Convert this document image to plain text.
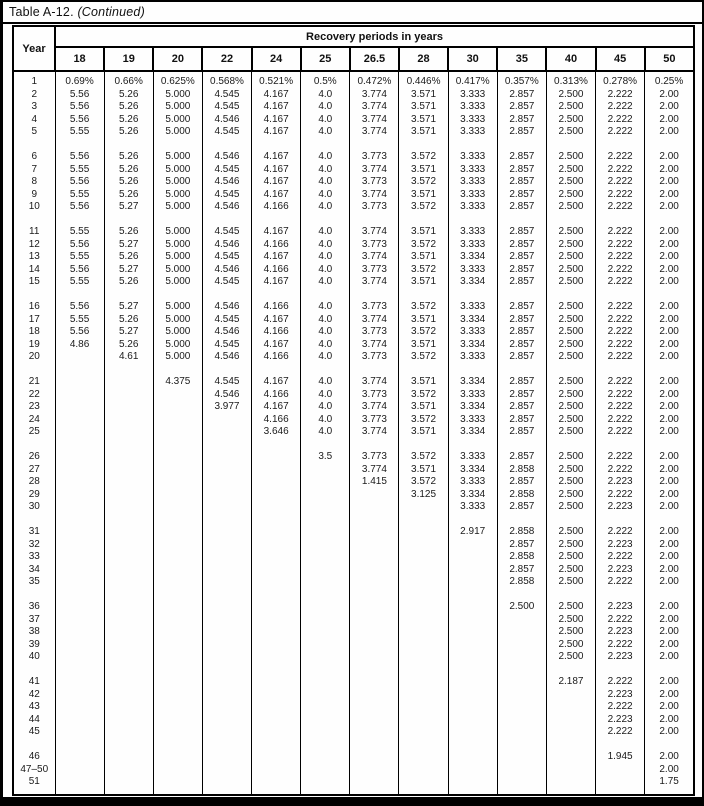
Table A-12. (Continued)
Year	Recovery periods in years												
	18	19	20	22	24	25	26.5	28	30	35	40	45	50
1	0.69%	0.66%	0.625%	0.568%	0.521%	0.5%	0.472%	0.446%	0.417%	0.357%	0.313%	0.278%	0.25%
2	5.56	5.26	5.000	4.545	4.167	4.0	3.774	3.571	3.333	2.857	2.500	2.222	2.00
3	5.56	5.26	5.000	4.545	4.167	4.0	3.774	3.571	3.333	2.857	2.500	2.222	2.00
4	5.56	5.26	5.000	4.546	4.167	4.0	3.774	3.571	3.333	2.857	2.500	2.222	2.00
5	5.55	5.26	5.000	4.545	4.167	4.0	3.774	3.571	3.333	2.857	2.500	2.222	2.00
6	5.56	5.26	5.000	4.546	4.167	4.0	3.773	3.572	3.333	2.857	2.500	2.222	2.00
7	5.55	5.26	5.000	4.545	4.167	4.0	3.774	3.571	3.333	2.857	2.500	2.222	2.00
8	5.56	5.26	5.000	4.546	4.167	4.0	3.773	3.572	3.333	2.857	2.500	2.222	2.00
9	5.55	5.26	5.000	4.545	4.167	4.0	3.774	3.571	3.333	2.857	2.500	2.222	2.00
10	5.56	5.27	5.000	4.546	4.166	4.0	3.773	3.572	3.333	2.857	2.500	2.222	2.00
11	5.55	5.26	5.000	4.545	4.167	4.0	3.774	3.571	3.333	2.857	2.500	2.222	2.00
12	5.56	5.27	5.000	4.546	4.166	4.0	3.773	3.572	3.333	2.857	2.500	2.222	2.00
13	5.55	5.26	5.000	4.545	4.167	4.0	3.774	3.571	3.334	2.857	2.500	2.222	2.00
14	5.56	5.27	5.000	4.546	4.166	4.0	3.773	3.572	3.333	2.857	2.500	2.222	2.00
15	5.55	5.26	5.000	4.545	4.167	4.0	3.774	3.571	3.334	2.857	2.500	2.222	2.00
16	5.56	5.27	5.000	4.546	4.166	4.0	3.773	3.572	3.333	2.857	2.500	2.222	2.00
17	5.55	5.26	5.000	4.545	4.167	4.0	3.774	3.571	3.334	2.857	2.500	2.222	2.00
18	5.56	5.27	5.000	4.546	4.166	4.0	3.773	3.572	3.333	2.857	2.500	2.222	2.00
19	4.86	5.26	5.000	4.545	4.167	4.0	3.774	3.571	3.334	2.857	2.500	2.222	2.00
20		4.61	5.000	4.546	4.166	4.0	3.773	3.572	3.333	2.857	2.500	2.222	2.00
21			4.375	4.545	4.167	4.0	3.774	3.571	3.334	2.857	2.500	2.222	2.00
22				4.546	4.166	4.0	3.773	3.572	3.333	2.857	2.500	2.222	2.00
23				3.977	4.167	4.0	3.774	3.571	3.334	2.857	2.500	2.222	2.00
24					4.166	4.0	3.773	3.572	3.333	2.857	2.500	2.222	2.00
25					3.646	4.0	3.774	3.571	3.334	2.857	2.500	2.222	2.00
26						3.5	3.773	3.572	3.333	2.857	2.500	2.222	2.00
27							3.774	3.571	3.334	2.858	2.500	2.222	2.00
28							1.415	3.572	3.333	2.857	2.500	2.223	2.00
29								3.125	3.334	2.858	2.500	2.222	2.00
30									3.333	2.857	2.500	2.223	2.00
31									2.917	2.858	2.500	2.222	2.00
32										2.857	2.500	2.223	2.00
33										2.858	2.500	2.222	2.00
34										2.857	2.500	2.223	2.00
35										2.858	2.500	2.222	2.00
36										2.500	2.500	2.223	2.00
37											2.500	2.222	2.00
38											2.500	2.223	2.00
39											2.500	2.222	2.00
40											2.500	2.223	2.00
41											2.187	2.222	2.00
42												2.223	2.00
43												2.222	2.00
44												2.223	2.00
45												2.222	2.00
46												1.945	2.00
47–50													2.00
51													1.75
